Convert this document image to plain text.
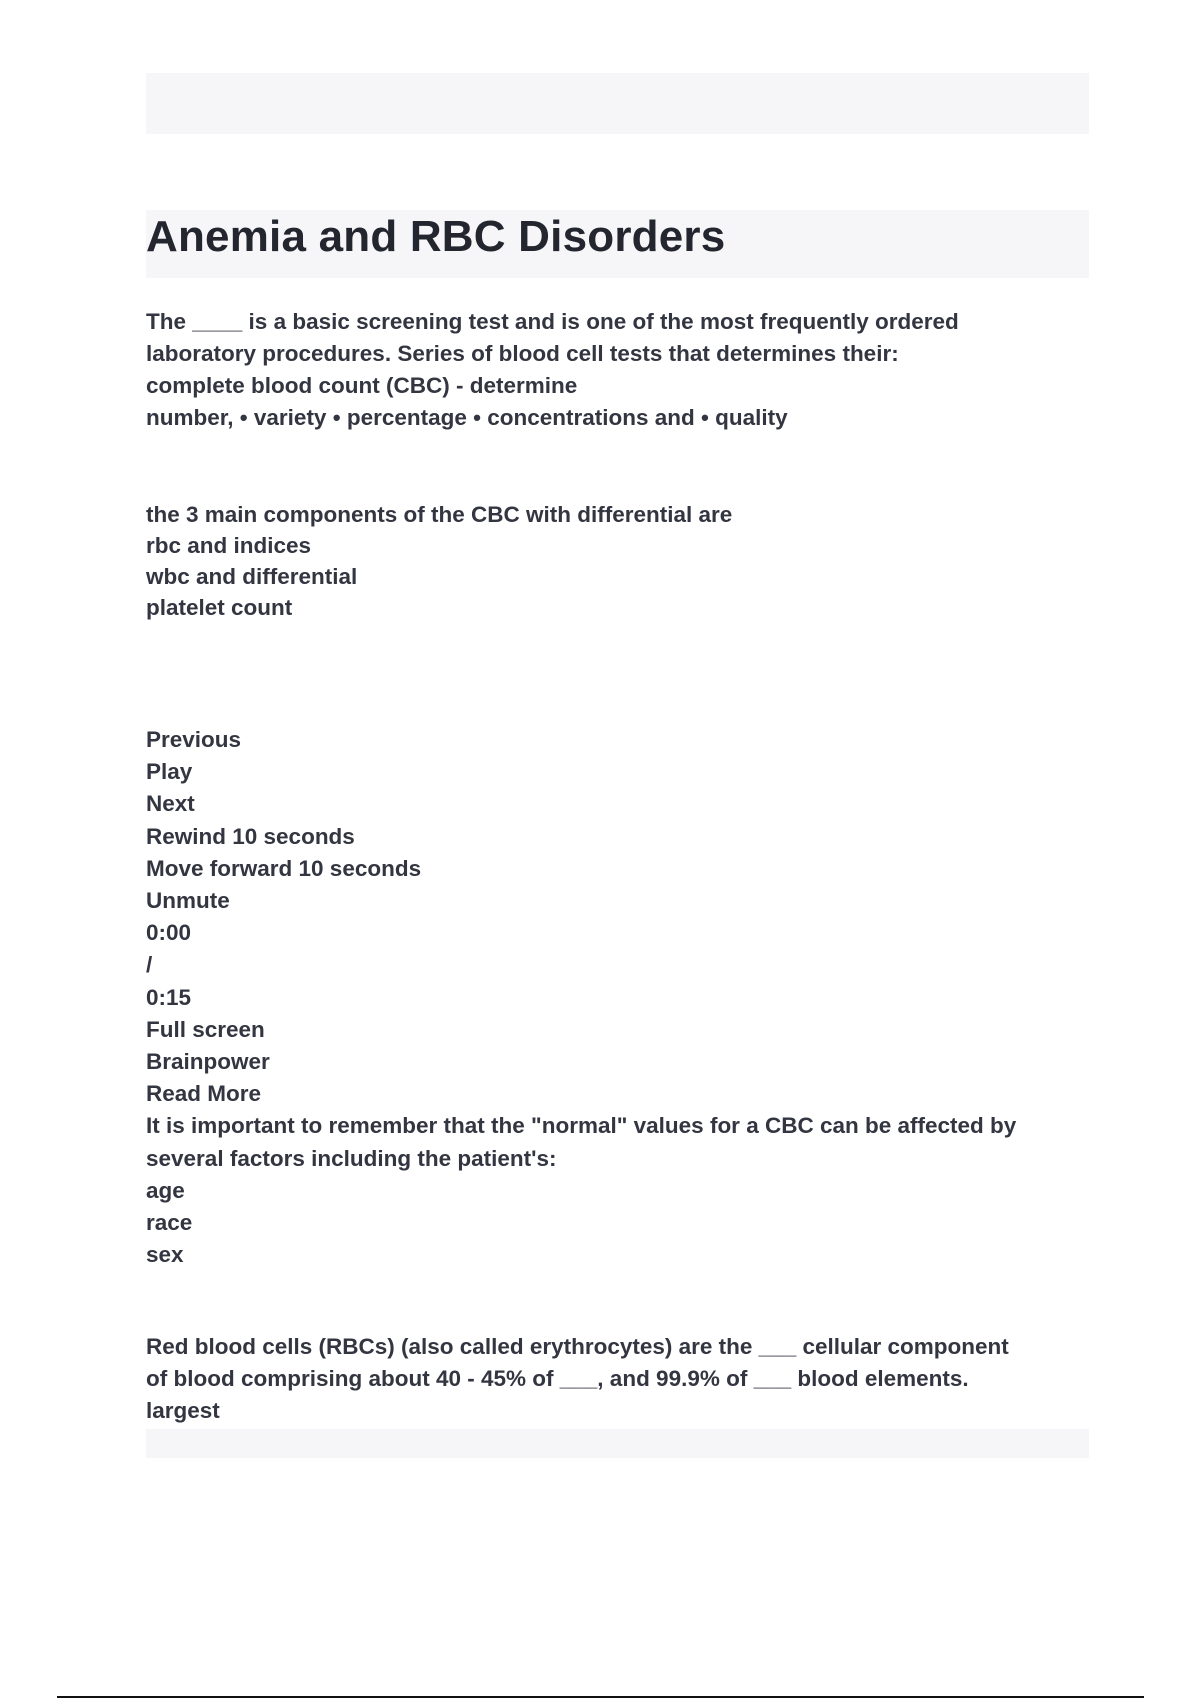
Anemia and RBC Disorders
The ____ is a basic screening test and is one of the most frequently ordered
laboratory procedures. Series of blood cell tests that determines their:
complete blood count (CBC) - determine
number, • variety • percentage • concentrations and • quality
the 3 main components of the CBC with differential are
rbc and indices
wbc and differential
platelet count
Previous
Play
Next
Rewind 10 seconds
Move forward 10 seconds
Unmute
0:00
/
0:15
Full screen
Brainpower
Read More
It is important to remember that the "normal" values for a CBC can be affected by
several factors including the patient's:
age
race
sex
Red blood cells (RBCs) (also called erythrocytes) are the ___ cellular component
of blood comprising about 40 - 45% of ___, and 99.9% of ___ blood elements.
largest
